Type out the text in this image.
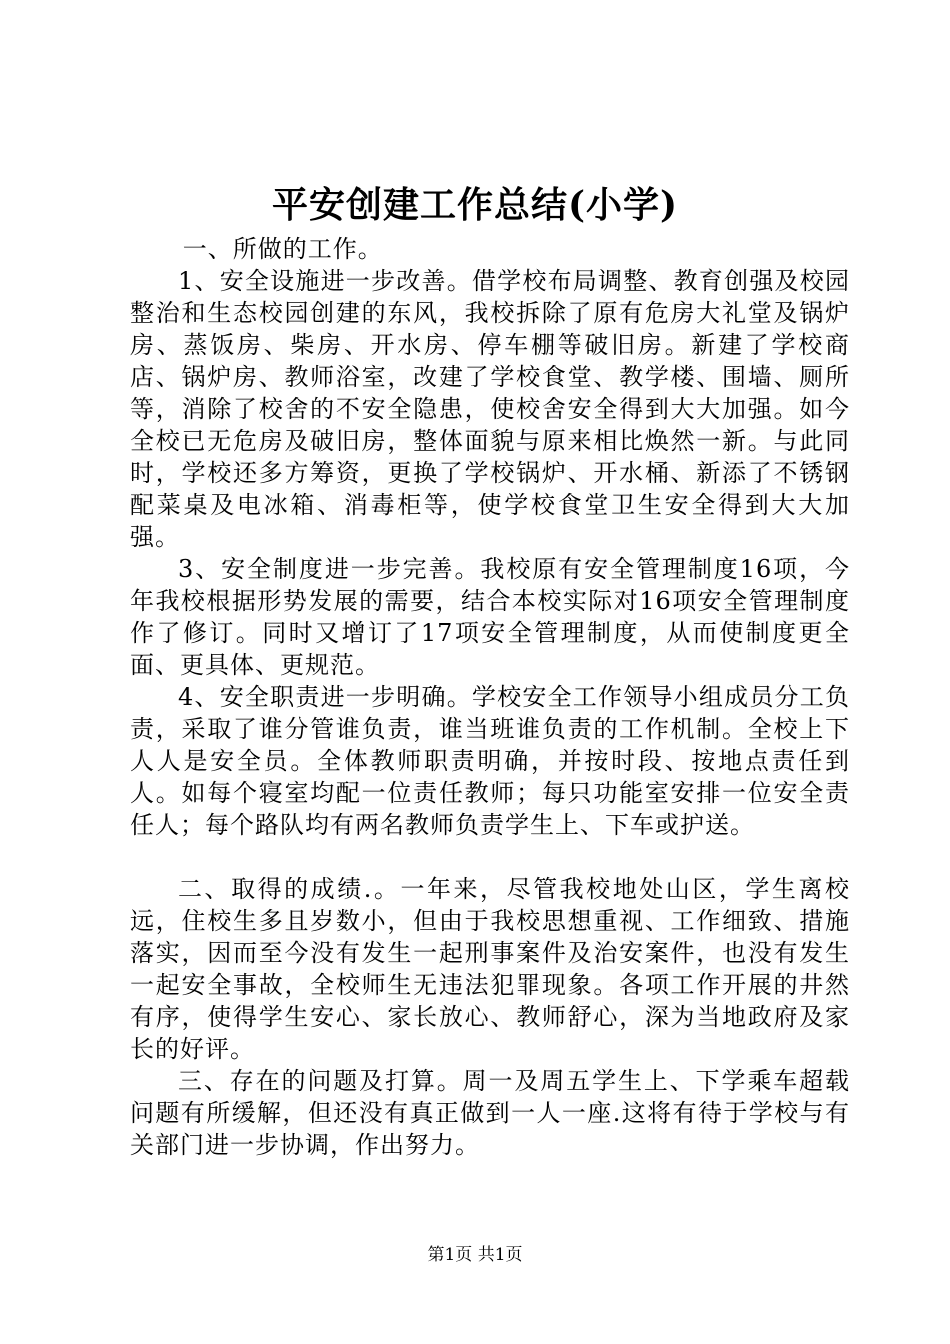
平安创建工作总结(小学)

一、所做的工作。

1、安全设施进一步改善。借学校布局调整、教育创强及校园整治和生态校园创建的东风，我校拆除了原有危房大礼堂及锅炉房、蒸饭房、柴房、开水房、停车棚等破旧房。新建了学校商店、锅炉房、教师浴室，改建了学校食堂、教学楼、围墙、厕所等，消除了校舍的不安全隐患，使校舍安全得到大大加强。如今全校已无危房及破旧房，整体面貌与原来相比焕然一新。与此同时，学校还多方筹资，更换了学校锅炉、开水桶、新添了不锈钢配菜桌及电冰箱、消毒柜等，使学校食堂卫生安全得到大大加强。

3、安全制度进一步完善。我校原有安全管理制度16项，今年我校根据形势发展的需要，结合本校实际对16项安全管理制度作了修订。同时又增订了17项安全管理制度，从而使制度更全面、更具体、更规范。

4、安全职责进一步明确。学校安全工作领导小组成员分工负责，采取了谁分管谁负责，谁当班谁负责的工作机制。全校上下人人是安全员。全体教师职责明确，并按时段、按地点责任到人。如每个寝室均配一位责任教师；每只功能室安排一位安全责任人；每个路队均有两名教师负责学生上、下车或护送。

二、取得的成绩.。一年来，尽管我校地处山区，学生离校远，住校生多且岁数小，但由于我校思想重视、工作细致、措施落实，因而至今没有发生一起刑事案件及治安案件，也没有发生一起安全事故，全校师生无违法犯罪现象。各项工作开展的井然有序，使得学生安心、家长放心、教师舒心，深为当地政府及家长的好评。

三、存在的问题及打算。周一及周五学生上、下学乘车超载问题有所缓解，但还没有真正做到一人一座.这将有待于学校与有关部门进一步协调，作出努力。

第1页 共1页
